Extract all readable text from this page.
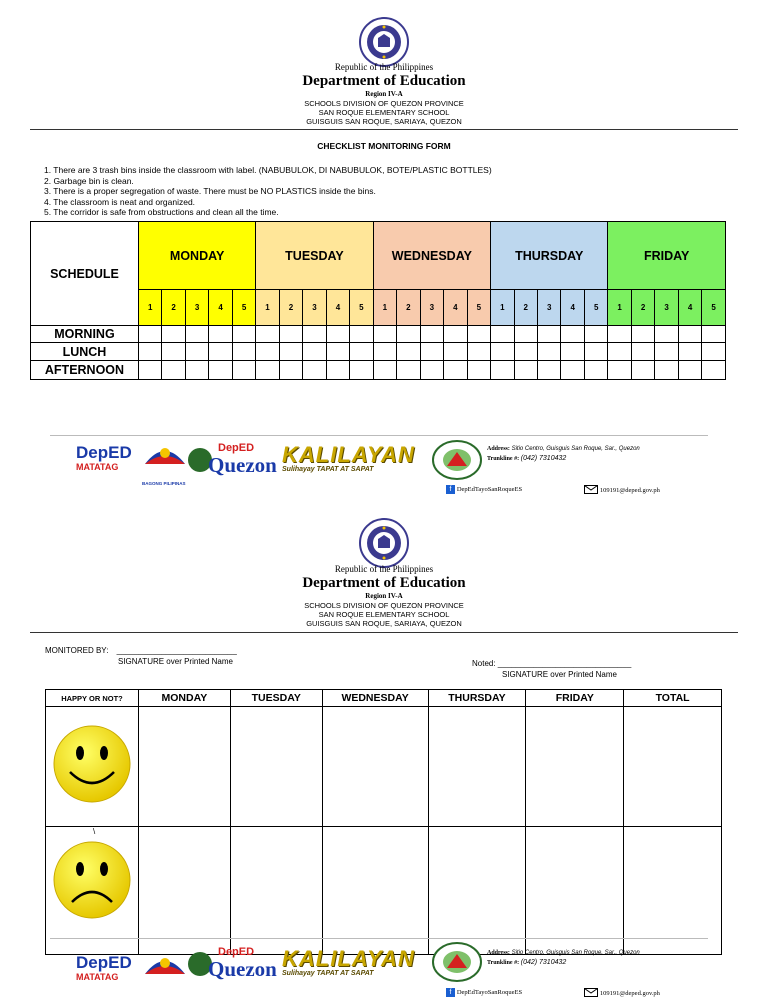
Republic of the Philippines
Department of Education
Region IV-A
SCHOOLS DIVISION OF QUEZON PROVINCE
SAN ROQUE ELEMENTARY SCHOOL
GUISGUIS SAN ROQUE, SARIAYA, QUEZON
CHECKLIST MONITORING FORM
1. There are 3 trash bins inside the classroom with label. (NABUBULOK, DI NABUBULOK, BOTE/PLASTIC BOTTLES)
2. Garbage bin is clean.
3. There is a proper segregation of waste. There must be NO PLASTICS inside the bins.
4. The classroom is neat and organized.
5. The corridor is safe from obstructions and clean all the time.
SCHEDULE	MONDAY					TUESDAY					WEDNESDAY					THURSDAY					FRIDAY				
	1	2	3	4	5	1	2	3	4	5	1	2	3	4	5	1	2	3	4	5	1	2	3	4	5
MORNING																									
LUNCH																									
AFTERNOON																									
DepED
MATATAG
BAGONG PILIPINAS
DepED
Quezon KALILAYAN
Sulihayay TAPAT AT SAPAT
Address: Sitio Centro, Guisguis San Roque, Sar., Quezon
Trunkline #: (042) 7310432
f DepEdTayoSanRoqueES	109191@deped.gov.ph
Republic of the Philippines
Department of Education
Region IV-A
SCHOOLS DIVISION OF QUEZON PROVINCE
SAN ROQUE ELEMENTARY SCHOOL
GUISGUIS SAN ROQUE, SARIAYA, QUEZON
MONITORED BY: ___________________________
SIGNATURE over Printed Name	Noted: ______________________________
SIGNATURE over Printed Name
HAPPY OR NOT?	MONDAY	TUESDAY	WEDNESDAY	THURSDAY	FRIDAY	TOTAL

\						

DepED
MATATAG
DepED
Quezon KALILAYAN
Sulihayay TAPAT AT SAPAT
Address: Sitio Centro, Guisguis San Roque, Sar., Quezon
Trunkline #: (042) 7310432
f DepEdTayoSanRoqueES	109191@deped.gov.ph
